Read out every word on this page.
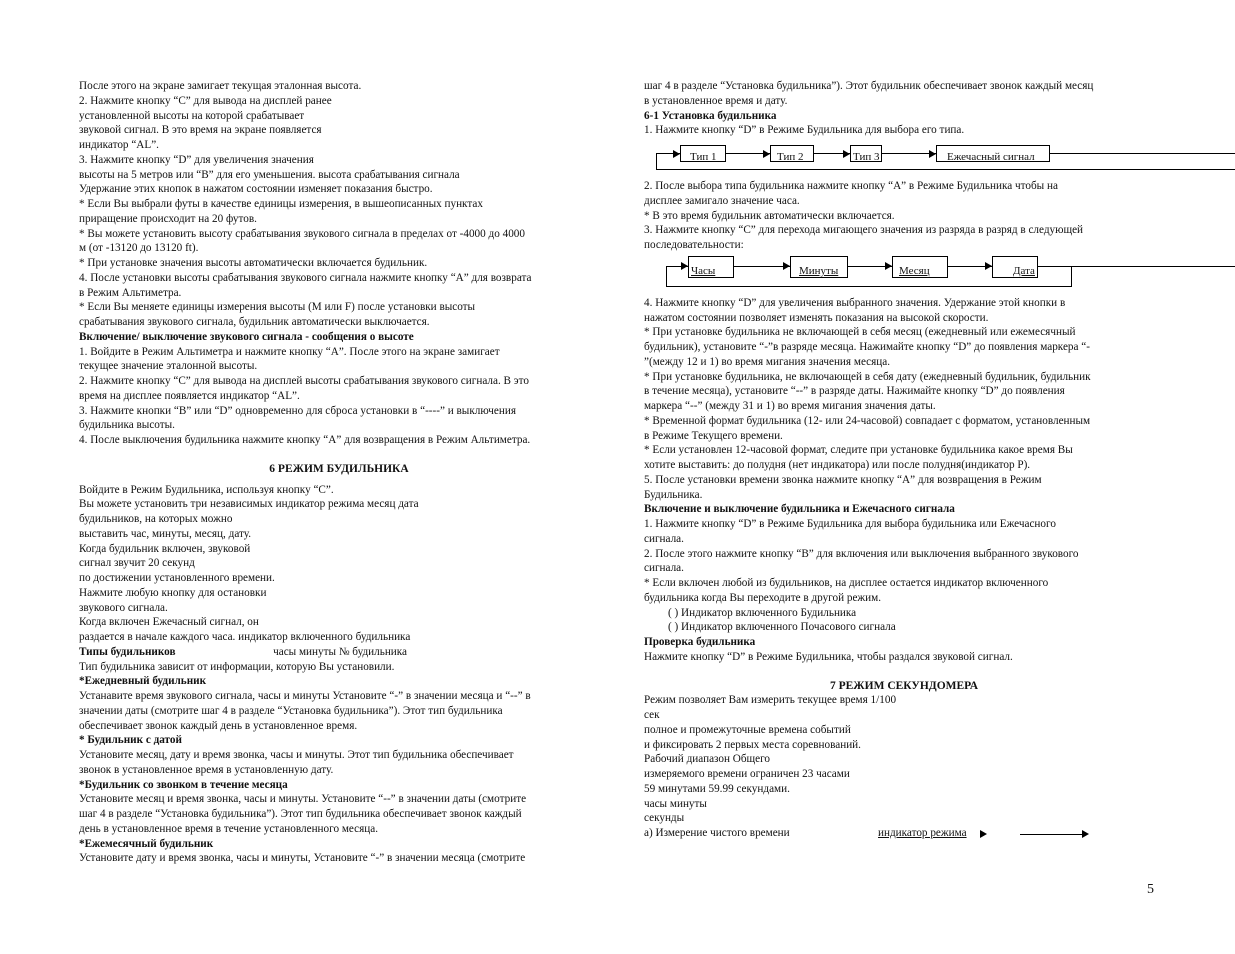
После этого на экране замигает текущая эталонная высота.
2. Нажмите кнопку “С” для вывода на дисплей ранее
установленной высоты на которой срабатывает
звуковой сигнал. В это время на экране появляется
индикатор “AL”.
3. Нажмите кнопку “D” для увеличения значения
высоты на 5 метров или “B” для его уменьшения. высота срабатывания сигнала
Удержание этих кнопок в нажатом состоянии изменяет показания быстро.
* Если Вы выбрали футы в качестве единицы измерения, в вышеописанных пунктах
приращение происходит на 20 футов.
* Вы можете установить высоту срабатывания звукового сигнала в пределах от -4000 до 4000
м (от -13120 до 13120 ft).
* При установке значения высоты автоматически включается будильник.
4. После установки высоты срабатывания звукового сигнала нажмите кнопку “А” для возврата
в Режим Альтиметра.
* Если Вы меняете единицы измерения высоты (M или F) после установки высоты
срабатывания звукового сигнала, будильник автоматически выключается.
Включение/ выключение звукового сигнала - сообщения о высоте
1. Войдите в Режим Альтиметра и нажмите кнопку “А”. После этого на экране замигает
текущее значение эталонной высоты.
2. Нажмите кнопку “С” для вывода на дисплей высоты срабатывания звукового сигнала. В это
время на дисплее появляется индикатор “AL”.
3. Нажмите кнопки “B” или “D” одновременно для сброса установки в “----” и выключения
будильника высоты.
4. После выключения будильника нажмите кнопку “А” для возвращения в Режим Альтиметра.
6 РЕЖИМ БУДИЛЬНИКА
Войдите в Режим Будильника, используя кнопку “С”.
Вы можете установить три независимых индикатор режима месяц дата
будильников, на которых можно
выставить час, минуты, месяц, дату.
Когда будильник включен, звуковой
сигнал звучит 20 секунд
по достижении установленного времени.
Нажмите любую кнопку для остановки
звукового сигнала.
Когда включен Ежечасный сигнал, он
раздается в начале каждого часа. индикатор включенного будильника
Типы будильников	часы минуты № будильника
Тип будильника зависит от информации, которую Вы установили.
*Ежедневный будильник
Устанавите время звукового сигнала, часы и минуты Установите “-” в значении месяца и “--” в
значении даты (смотрите шаг 4 в разделе “Установка будильника”). Этот тип будильника
обеспечивает звонок каждый день в установленное время.
* Будильник с датой
Установите месяц, дату и время звонка, часы и минуты. Этот тип будильника обеспечивает
звонок в установленное время в установленную дату.
*Будильник со звонком в течение месяца
Установите месяц и время звонка, часы и минуты. Установите “--” в значении даты (смотрите
шаг 4 в разделе “Установка будильника”). Этот тип будильника обеспечивает звонок каждый
день в установленное время в течение установленного месяца.
*Ежемесячный будильник
Установите дату и время звонка, часы и минуты, Установите “-” в значении месяца (смотрите
шаг 4 в разделе “Установка будильника”). Этот будильник обеспечивает звонок каждый месяц
в установленное время и дату.
6-1 Установка будильника
1. Нажмите кнопку “D” в Режиме Будильника для выбора его типа.
Тип 1	Тип 2	Тип 3	Ежечасный сигнал
2. После выбора типа будильника нажмите кнопку “А” в Режиме Будильника чтобы на
дисплее замигало значение часа.
* В это время будильник автоматически включается.
3. Нажмите кнопку “С” для перехода мигающего значения из разряда в разряд в следующей
последовательности:
Часы	Минуты	Месяц	Дата
4. Нажмите кнопку “D” для увеличения выбранного значения. Удержание этой кнопки в
нажатом состоянии позволяет изменять показания на высокой скорости.
* При установке будильника не включающей в себя месяц (ежедневный или ежемесячный
будильник), установите “-”в разряде месяца. Нажимайте кнопку “D” до появления маркера “-
”(между 12 и 1) во время мигания значения месяца.
* При установке будильника, не включающей в себя дату (ежедневный будильник, будильник
в течение месяца), установите “--” в разряде даты. Нажимайте кнопку “D” до появления
маркера “--” (между 31 и 1) во время мигания значения даты.
* Временной формат будильника (12- или 24-часовой) совпадает с форматом, установленным
в Режиме Текущего времени.
* Если установлен 12-часовой формат, следите при установке будильника какое время Вы
хотите выставить: до полудня (нет индикатора) или после полудня(индикатор P).
5. После установки времени звонка нажмите кнопку “А” для возвращения в Режим
Будильника.
Включение и выключение будильника и Ежечасного сигнала
1. Нажмите кнопку “D” в Режиме Будильника для выбора будильника или Ежечасного
сигнала.
2. После этого нажмите кнопку “B” для включения или выключения выбранного звукового
сигнала.
* Если включен любой из будильников, на дисплее остается индикатор включенного
будильника когда Вы переходите в другой режим.
( ) Индикатор включенного Будильника
( ) Индикатор включенного Почасового сигнала
Проверка будильника
Нажмите кнопку “D” в Режиме Будильника, чтобы раздался звуковой сигнал.
7 РЕЖИМ СЕКУНДОМЕРА
Режим позволяет Вам измерить текущее время 1/100
сек
полное и промежуточные времена событий
и фиксировать 2 первых места соревнований.
Рабочий диапазон Общего
измеряемого времени ограничен 23 часами
59 минутами 59.99 секундами.
часы минуты
секунды
а) Измерение чистого времени	индикатор режима
5
